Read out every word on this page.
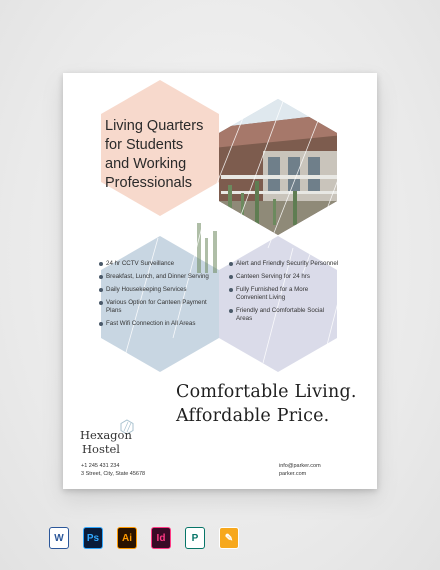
Living Quarters
for Students
and Working
Professionals
24 hr CCTV Surveillance
Breakfast, Lunch, and Dinner Serving
Daily Housekeeping Services
Various Option for Canteen Payment Plans
Fast Wifi Connection in All Areas
Alert and Friendly Security Personnel
Canteen Serving for 24 hrs
Fully Furnished for a More Convenient Living
Friendly and Comfortable Social Areas
Comfortable Living.
Affordable Price.
Hexagon
Hostel
+1 245 431 234
3 Street, City, State 45678
info@parker.com
parker.com
W	Ps	Ai	Id	P	✎
